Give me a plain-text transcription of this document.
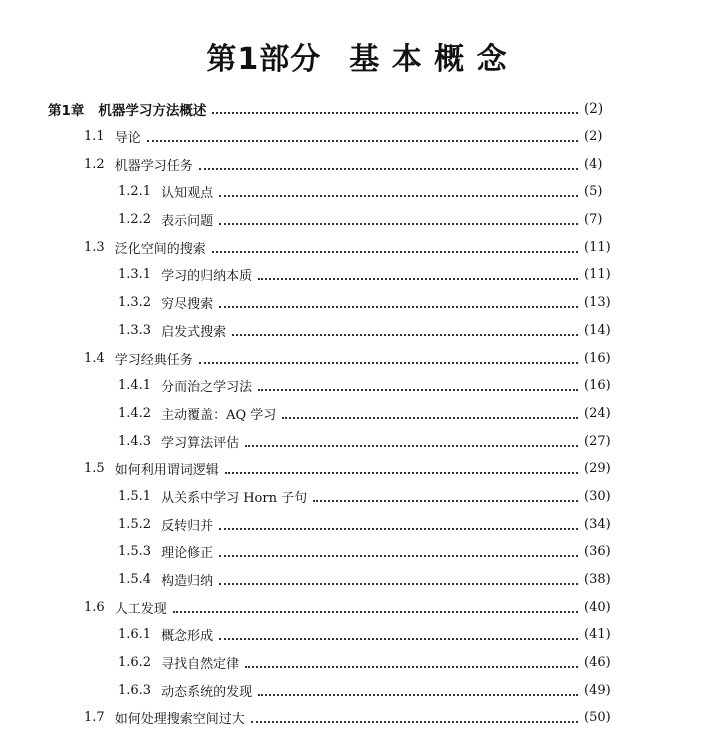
第1部分 基 本 概 念
第1章 机器学习方法概述	(2)
1.1 导论	(2)
1.2 机器学习任务	(4)
1.2.1 认知观点	(5)
1.2.2 表示问题	(7)
1.3 泛化空间的搜索	(11)
1.3.1 学习的归纳本质	(11)
1.3.2 穷尽搜索	(13)
1.3.3 启发式搜索	(14)
1.4 学习经典任务	(16)
1.4.1 分而治之学习法	(16)
1.4.2 主动覆盖：AQ 学习	(24)
1.4.3 学习算法评估	(27)
1.5 如何利用谓词逻辑	(29)
1.5.1 从关系中学习 Horn 子句	(30)
1.5.2 反转归并	(34)
1.5.3 理论修正	(36)
1.5.4 构造归纳	(38)
1.6 人工发现	(40)
1.6.1 概念形成	(41)
1.6.2 寻找自然定律	(46)
1.6.3 动态系统的发现	(49)
1.7 如何处理搜索空间过大	(50)
